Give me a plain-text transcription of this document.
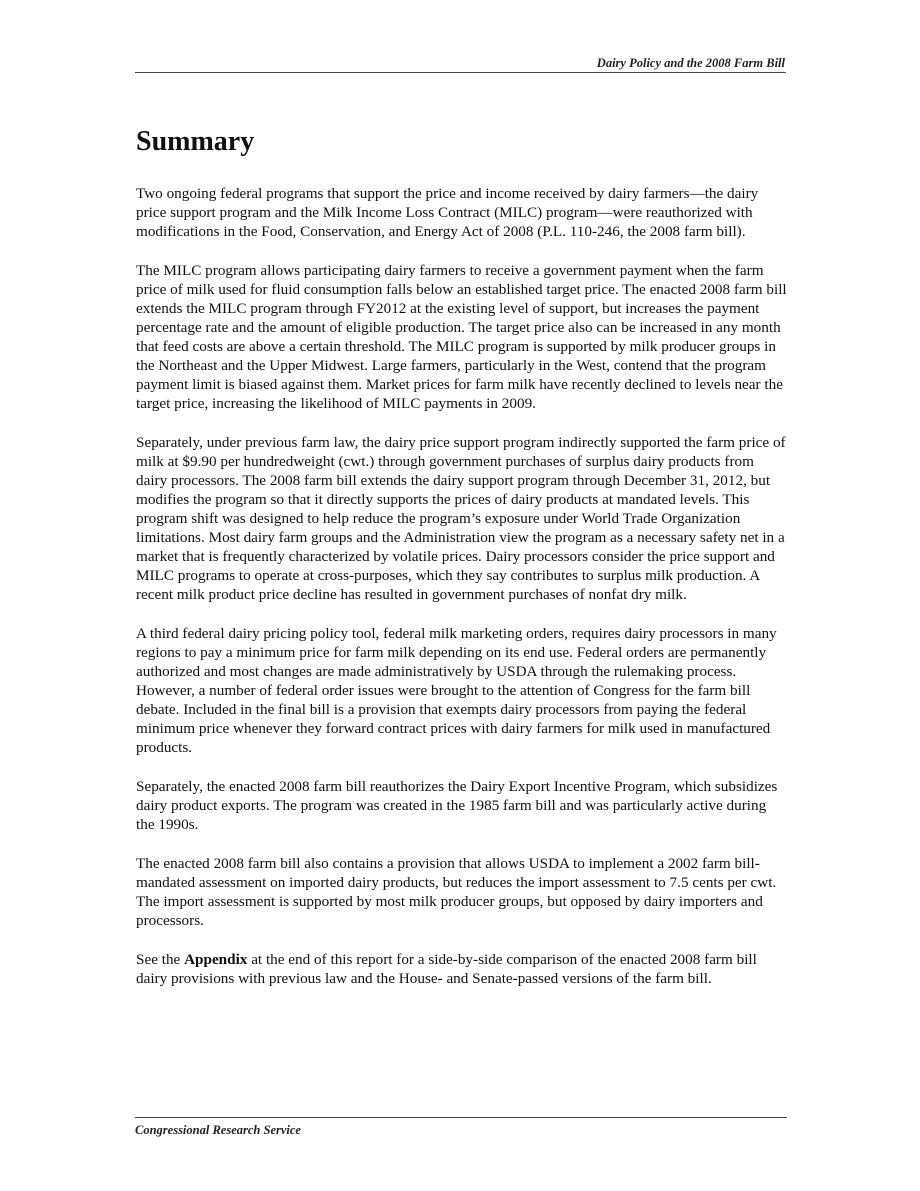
Dairy Policy and the 2008 Farm Bill
Summary

Two ongoing federal programs that support the price and income received by dairy farmers—the dairy price support program and the Milk Income Loss Contract (MILC) program—were reauthorized with modifications in the Food, Conservation, and Energy Act of 2008 (P.L. 110-246, the 2008 farm bill).

The MILC program allows participating dairy farmers to receive a government payment when the farm price of milk used for fluid consumption falls below an established target price. The enacted 2008 farm bill extends the MILC program through FY2012 at the existing level of support, but increases the payment percentage rate and the amount of eligible production. The target price also can be increased in any month that feed costs are above a certain threshold. The MILC program is supported by milk producer groups in the Northeast and the Upper Midwest. Large farmers, particularly in the West, contend that the program payment limit is biased against them. Market prices for farm milk have recently declined to levels near the target price, increasing the likelihood of MILC payments in 2009.

Separately, under previous farm law, the dairy price support program indirectly supported the farm price of milk at $9.90 per hundredweight (cwt.) through government purchases of surplus dairy products from dairy processors. The 2008 farm bill extends the dairy support program through December 31, 2012, but modifies the program so that it directly supports the prices of dairy products at mandated levels. This program shift was designed to help reduce the program’s exposure under World Trade Organization limitations. Most dairy farm groups and the Administration view the program as a necessary safety net in a market that is frequently characterized by volatile prices. Dairy processors consider the price support and MILC programs to operate at cross-purposes, which they say contributes to surplus milk production. A recent milk product price decline has resulted in government purchases of nonfat dry milk.

A third federal dairy pricing policy tool, federal milk marketing orders, requires dairy processors in many regions to pay a minimum price for farm milk depending on its end use. Federal orders are permanently authorized and most changes are made administratively by USDA through the rulemaking process. However, a number of federal order issues were brought to the attention of Congress for the farm bill debate. Included in the final bill is a provision that exempts dairy processors from paying the federal minimum price whenever they forward contract prices with dairy farmers for milk used in manufactured products.

Separately, the enacted 2008 farm bill reauthorizes the Dairy Export Incentive Program, which subsidizes dairy product exports. The program was created in the 1985 farm bill and was particularly active during the 1990s.

The enacted 2008 farm bill also contains a provision that allows USDA to implement a 2002 farm bill-mandated assessment on imported dairy products, but reduces the import assessment to 7.5 cents per cwt. The import assessment is supported by most milk producer groups, but opposed by dairy importers and processors.

See the Appendix at the end of this report for a side-by-side comparison of the enacted 2008 farm bill dairy provisions with previous law and the House- and Senate-passed versions of the farm bill.

Congressional Research Service
